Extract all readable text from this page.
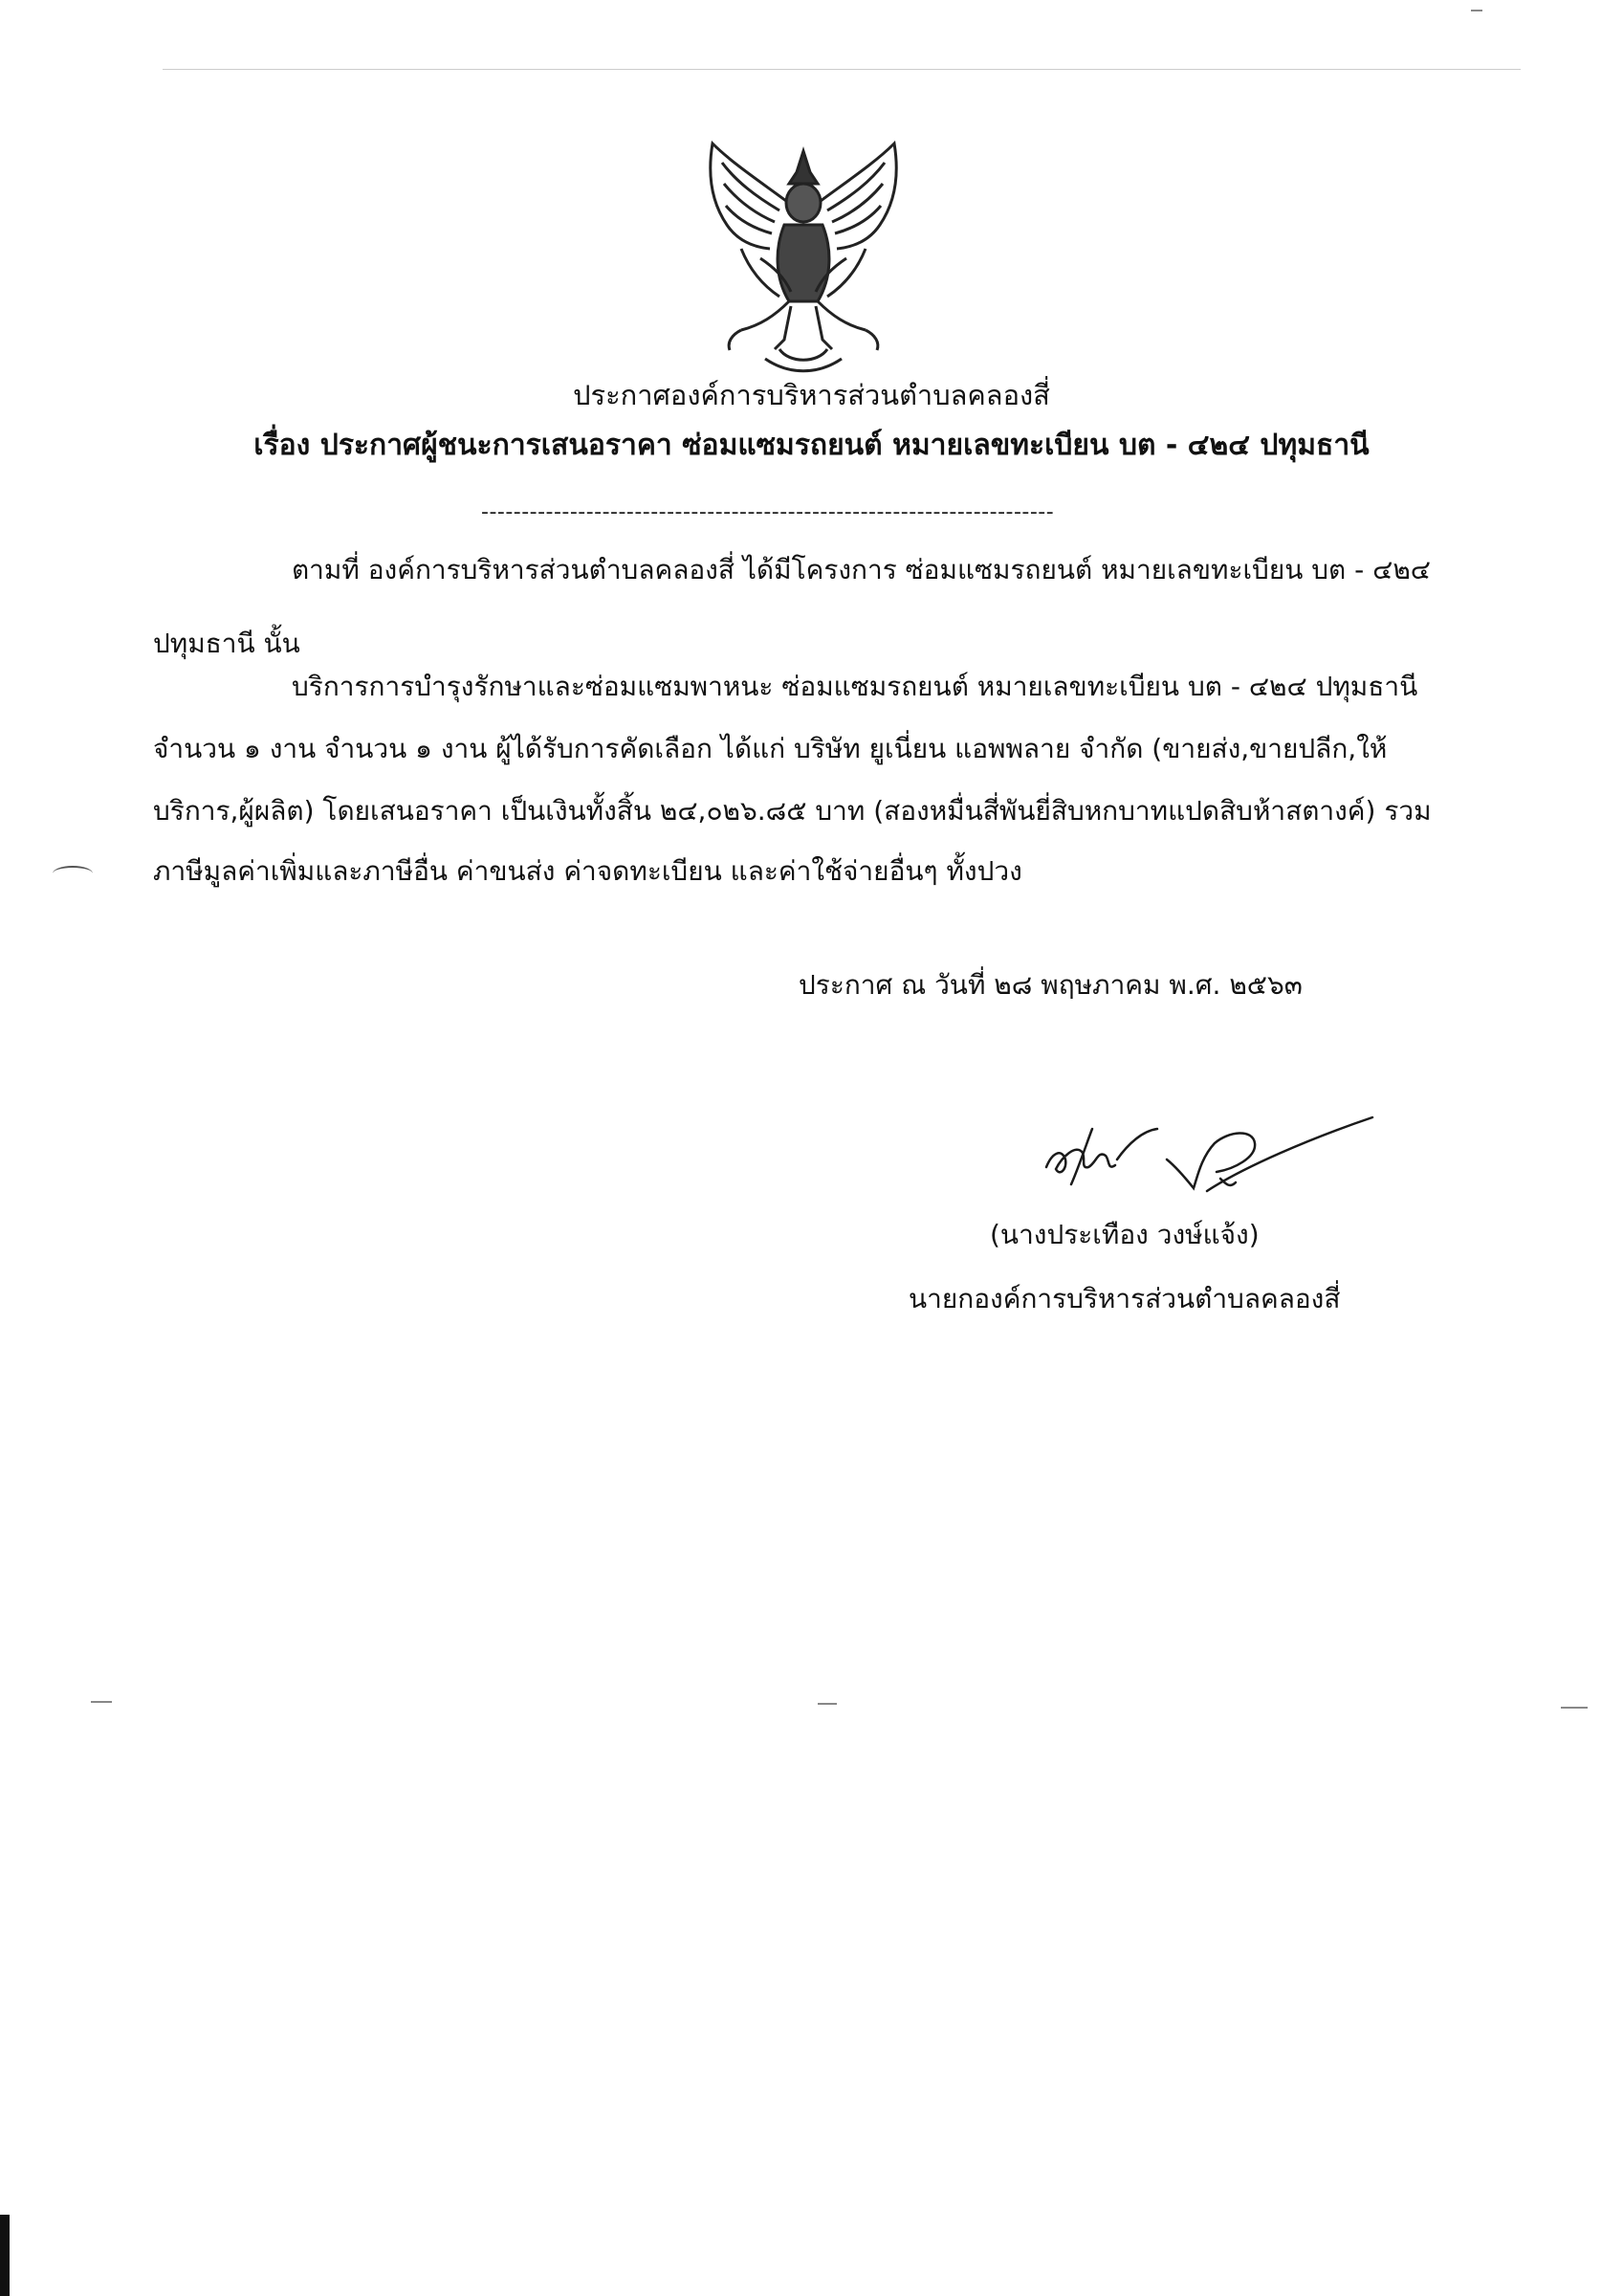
ประกาศองค์การบริหารส่วนตำบลคลองสี่
เรื่อง ประกาศผู้ชนะการเสนอราคา ซ่อมแซมรถยนต์ หมายเลขทะเบียน บต - ๔๒๔ ปทุมธานี
-----------------------------------------------------------------------
ตามที่ องค์การบริหารส่วนตำบลคลองสี่ ได้มีโครงการ ซ่อมแซมรถยนต์ หมายเลขทะเบียน บต - ๔๒๔
ปทุมธานี นั้น
บริการการบำรุงรักษาและซ่อมแซมพาหนะ ซ่อมแซมรถยนต์ หมายเลขทะเบียน บต - ๔๒๔ ปทุมธานี
จำนวน ๑ งาน จำนวน ๑ งาน ผู้ได้รับการคัดเลือก ได้แก่ บริษัท ยูเนี่ยน แอพพลาย จำกัด (ขายส่ง,ขายปลีก,ให้
บริการ,ผู้ผลิต) โดยเสนอราคา เป็นเงินทั้งสิ้น ๒๔,๐๒๖.๘๕ บาท (สองหมื่นสี่พันยี่สิบหกบาทแปดสิบห้าสตางค์) รวม
ภาษีมูลค่าเพิ่มและภาษีอื่น ค่าขนส่ง ค่าจดทะเบียน และค่าใช้จ่ายอื่นๆ ทั้งปวง
ประกาศ ณ วันที่ ๒๘ พฤษภาคม พ.ศ. ๒๕๖๓
(นางประเทือง วงษ์แจ้ง)
นายกองค์การบริหารส่วนตำบลคลองสี่
